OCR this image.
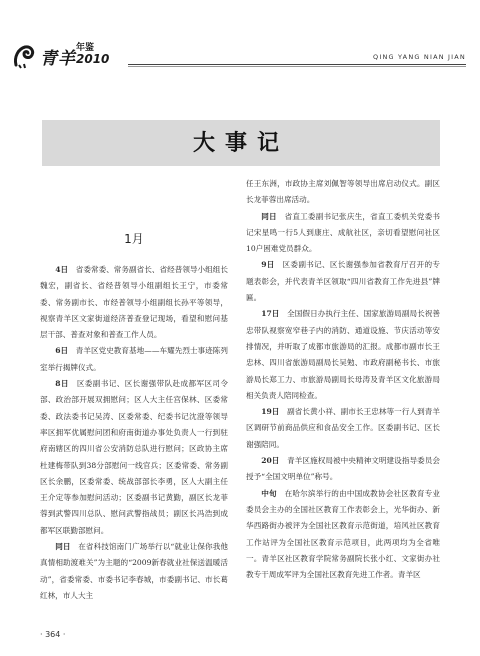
青羊
年鉴
2010	QING YANG NIAN JIAN
大事记
1月

4日　 省委常委、常务副省长、省经普领导小组组长魏宏，副省长、省经普领导小组副组长王宁，市委常委、常务副市长、市经普领导小组副组长孙平等领导，视察青羊区文家街道经济普查登记现场，看望和慰问基层干部、普查对象和普查工作人员。

6日　 青羊区党史教育基地——车耀先烈士事迹陈列室举行揭牌仪式。

8日　 区委副书记、区长谢强带队赴成都军区司令部、政治部开展双拥慰问；区人大主任宫保林、区委常委、政法委书记吴涛、区委常委、纪委书记沈澄等领导率区拥军优属慰问团和府南街道办事处负责人一行到驻府南辖区的四川省公安消防总队进行慰问；区政协主席杜建梅带队到38分部慰问一线官兵；区委常委、常务副区长余鹏，区委常委、统战部部长李勇，区人大副主任王介定等参加慰问活动；区委副书记黄勤，副区长龙菲蓉到武警四川总队、慰问武警指战员；副区长冯浩到成都军区联勤部慰问。

同日　 在省科技馆南门广场举行以“就业让保你我他 真情相助渡难关”为主题的“2009新春就业社保送温暖活动”，省委常委、市委书记李春城，市委副书记、市长葛红林，市人大主

任王东洲，市政协主席刘佩智等领导出席启动仪式。副区长龙菲蓉出席活动。

同日　 省直工委副书记张庆生，省直工委机关党委书记宋星鸣一行5人到康庄、成航社区，亲切看望慰问社区10户困难党员群众。

9日　 区委副书记、区长谢强参加省教育厅召开的专题表彰会，并代表青羊区领取“四川省教育工作先进县”牌匾。

17日　 全国假日办执行主任、国家旅游局副局长祝善忠带队视察宽窄巷子内的消防、通道设施、节庆活动等安排情况，并听取了成都市旅游局的汇报。成都市副市长王忠林、四川省旅游局副局长吴勉、市政府副秘书长、市旅游局长郑工力、市旅游局副局长母涛及青羊区文化旅游局相关负责人陪同检查。

19日　 副省长黄小祥、副市长王忠林等一行人到青羊区调研节前商品供应和食品安全工作。区委副书记、区长谢强陪同。

20日　 青羊区施权局被中央精神文明建设指导委员会授予“全国文明单位”称号。

中旬　 在哈尔滨举行的由中国成教协会社区教育专业委员会主办的全国社区教育工作表彰会上，光华街办、新华西路街办被评为全国社区教育示范街道，培风社区教育工作站评为全国社区教育示范项目，此两项均为全省唯一。青羊区社区教育学院常务副院长张小红、文家街办社教专干周成军评为全国社区教育先进工作者。青羊区

· 364 ·
